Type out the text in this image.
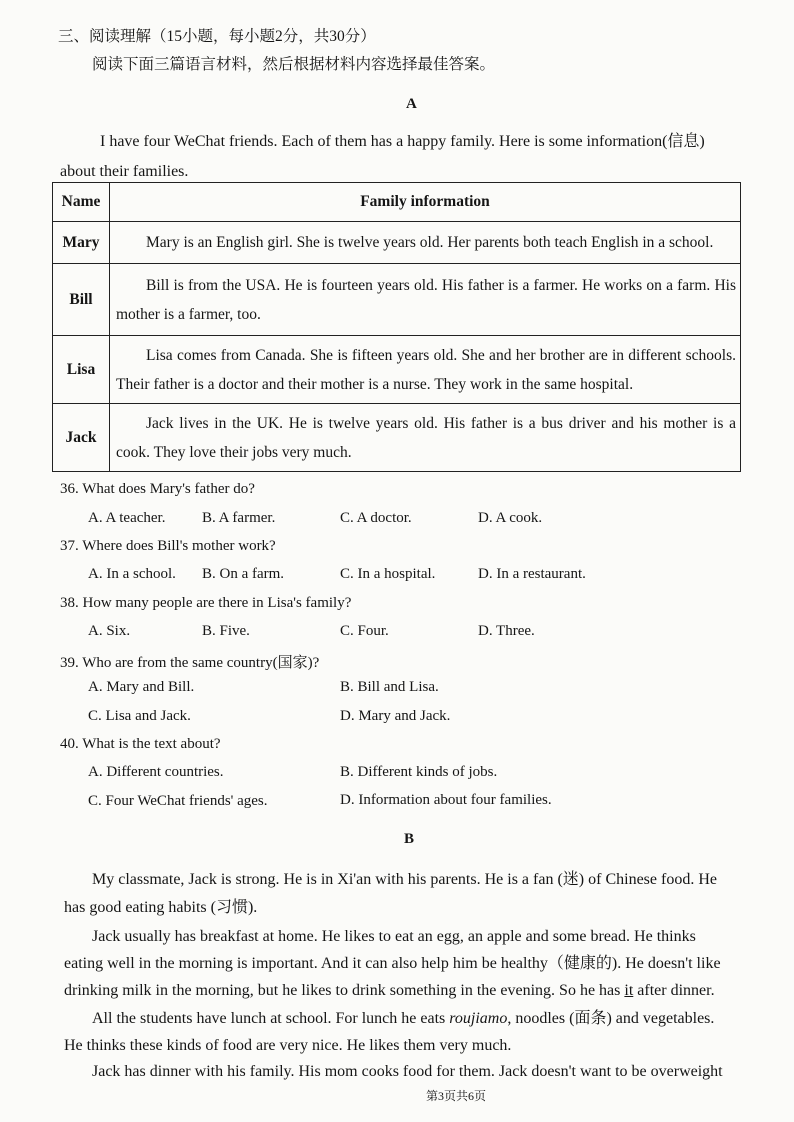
三、阅读理解（15小题，每小题2分，共30分）
阅读下面三篇语言材料，然后根据材料内容选择最佳答案。
A
I have four WeChat friends. Each of them has a happy family. Here is some information(信息)
about their families.
Name	Family information
Mary	Mary is an English girl. She is twelve years old. Her parents both teach English in a school.
Bill	Bill is from the USA. He is fourteen years old. His father is a farmer. He works on a farm. His mother is a farmer, too.
Lisa	Lisa comes from Canada. She is fifteen years old. She and her brother are in different schools. Their father is a doctor and their mother is a nurse. They work in the same hospital.
Jack	Jack lives in the UK. He is twelve years old. His father is a bus driver and his mother is a cook. They love their jobs very much.
36. What does Mary's father do?
A. A teacher. B. A farmer.	C. A doctor.	D. A cook.
37. Where does Bill's mother work?
A. In a school. B. On a farm.	C. In a hospital.	D. In a restaurant.
38. How many people are there in Lisa's family?
A. Six.	B. Five.	C. Four.	D. Three.
39. Who are from the same country(国家)?
A. Mary and Bill.	B. Bill and Lisa.
C. Lisa and Jack.	D. Mary and Jack.
40. What is the text about?
A. Different countries.	B. Different kinds of jobs.
C. Four WeChat friends' ages.	D. Information about four families.
B
My classmate, Jack is strong. He is in Xi'an with his parents. He is a fan (迷) of Chinese food. He
has good eating habits (习惯).
Jack usually has breakfast at home. He likes to eat an egg, an apple and some bread. He thinks
eating well in the morning is important. And it can also help him be healthy（健康的). He doesn't like
drinking milk in the morning, but he likes to drink something in the evening. So he has it after dinner.
All the students have lunch at school. For lunch he eats roujiamo, noodles (面条) and vegetables.
He thinks these kinds of food are very nice. He likes them very much.
Jack has dinner with his family. His mom cooks food for them. Jack doesn't want to be overweight
第3页共6页
